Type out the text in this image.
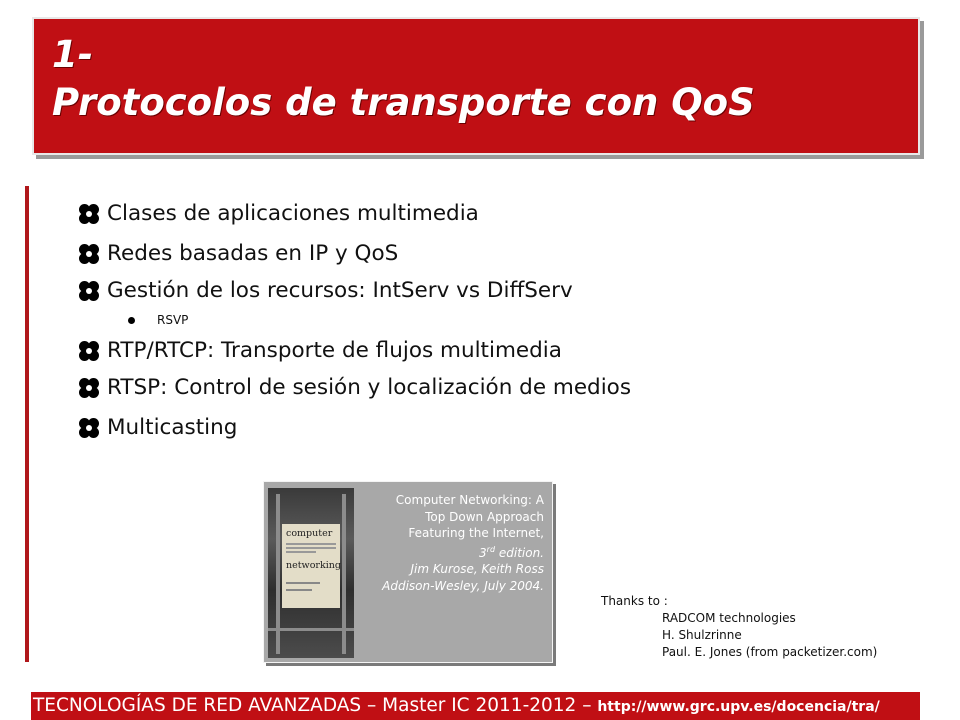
1-
Protocolos de transporte con QoS
Clases de aplicaciones multimedia
Redes basadas en IP y QoS
Gestión de los recursos: IntServ vs DiffServ
RSVP
RTP/RTCP: Transporte de flujos multimedia
RTSP: Control de sesión y localización de medios
Multicasting
computer
networking
Computer Networking: A
Top Down Approach
Featuring the Internet,
3rd edition.
Jim Kurose, Keith Ross
Addison-Wesley, July 2004.
Thanks to :
RADCOM technologies
H. Shulzrinne
Paul. E. Jones (from packetizer.com)
TECNOLOGÍAS DE RED AVANZADAS – Master IC 2011-2012 – http://www.grc.upv.es/docencia/tra/
